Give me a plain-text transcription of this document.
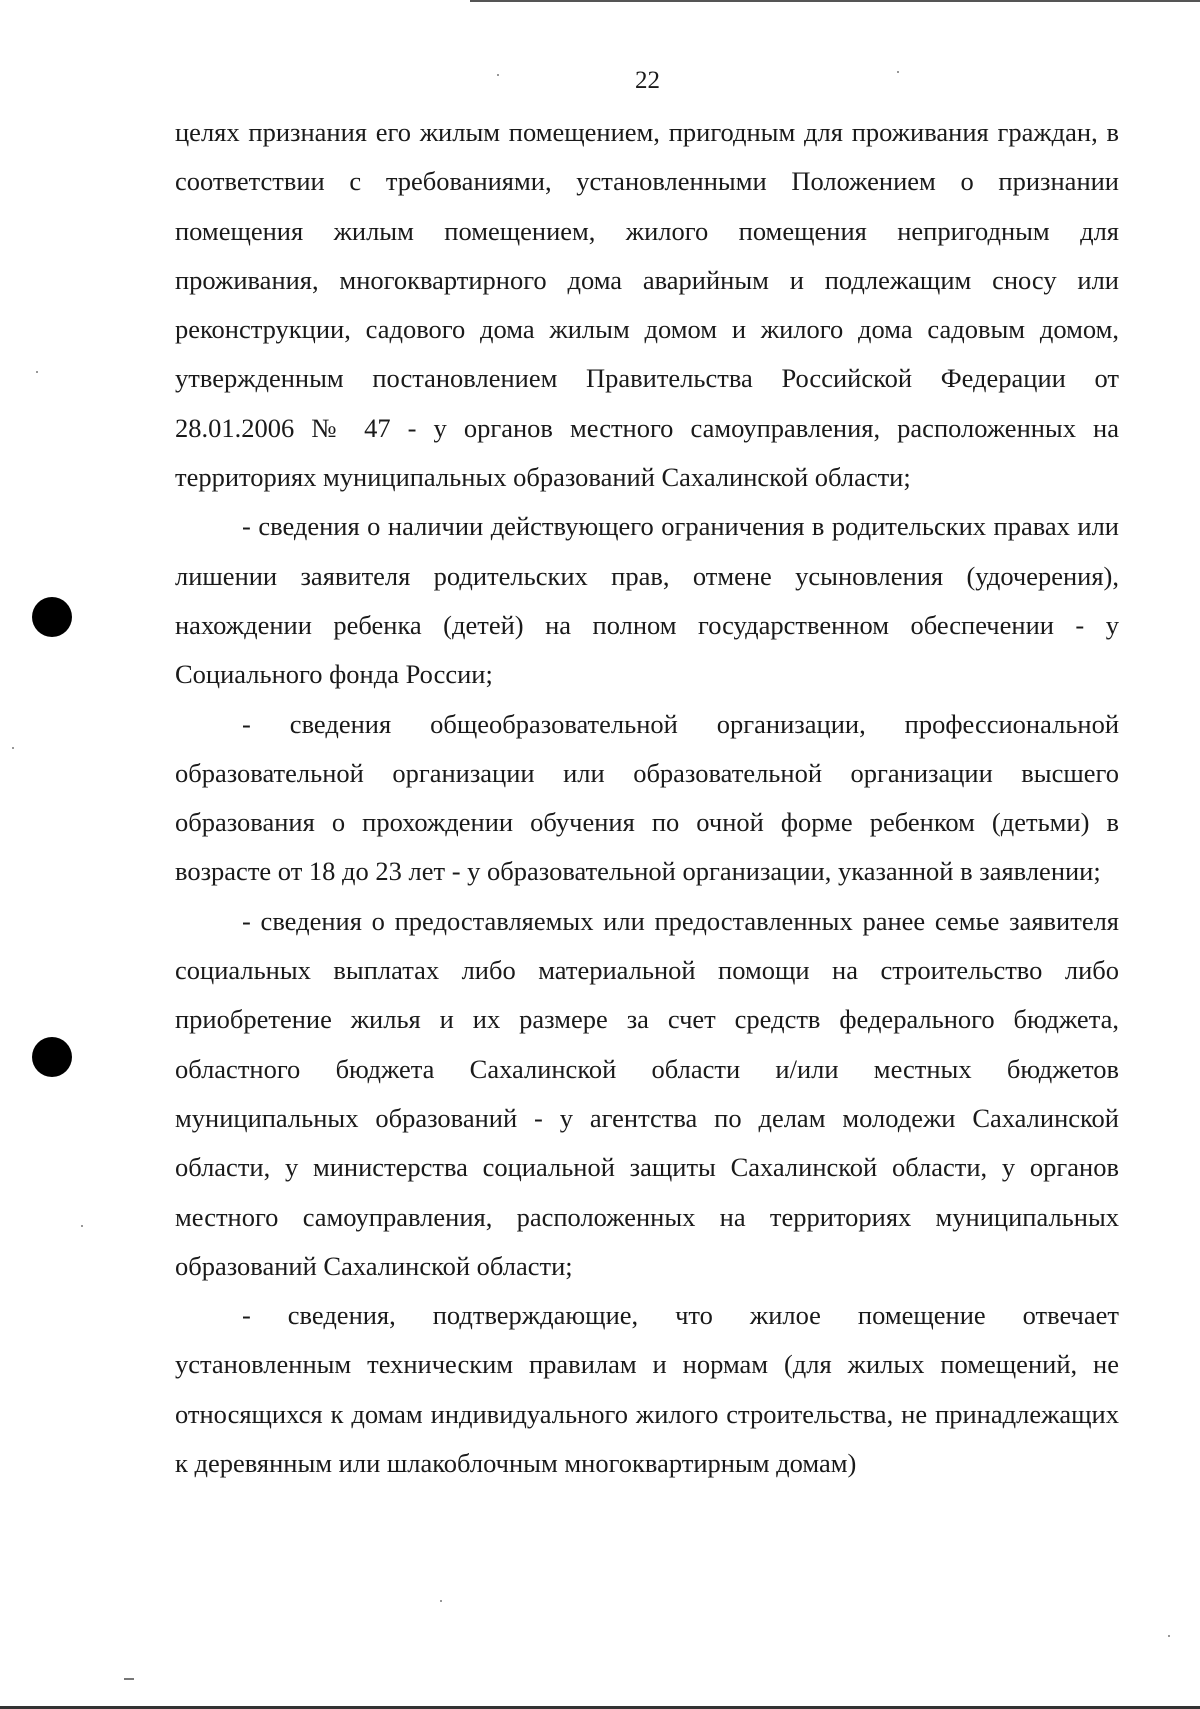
22

целях признания его жилым помещением, пригодным для проживания граждан, в соответствии с требованиями, установленными Положением о признании помещения жилым помещением, жилого помещения непригодным для проживания, многоквартирного дома аварийным и подлежащим сносу или реконструкции, садового дома жилым домом и жилого дома садовым домом, утвержденным постановлением Правительства Российской Федерации от 28.01.2006 № 47 - у органов местного самоуправления, расположенных на территориях муниципальных образований Сахалинской области;

- сведения о наличии действующего ограничения в родительских правах или лишении заявителя родительских прав, отмене усыновления (удочерения), нахождении ребенка (детей) на полном государственном обеспечении - у Социального фонда России;

- сведения общеобразовательной организации, профессиональной образовательной организации или образовательной организации высшего образования о прохождении обучения по очной форме ребенком (детьми) в возрасте от 18 до 23 лет - у образовательной организации, указанной в заявлении;

- сведения о предоставляемых или предоставленных ранее семье заявителя социальных выплатах либо материальной помощи на строительство либо приобретение жилья и их размере за счет средств федерального бюджета, областного бюджета Сахалинской области и/или местных бюджетов муниципальных образований - у агентства по делам молодежи Сахалинской области, у министерства социальной защиты Сахалинской области, у органов местного самоуправления, расположенных на территориях муниципальных образований Сахалинской области;

- сведения, подтверждающие, что жилое помещение отвечает установленным техническим правилам и нормам (для жилых помещений, не относящихся к домам индивидуального жилого строительства, не принадлежащих к деревянным или шлакоблочным многоквартирным домам)
